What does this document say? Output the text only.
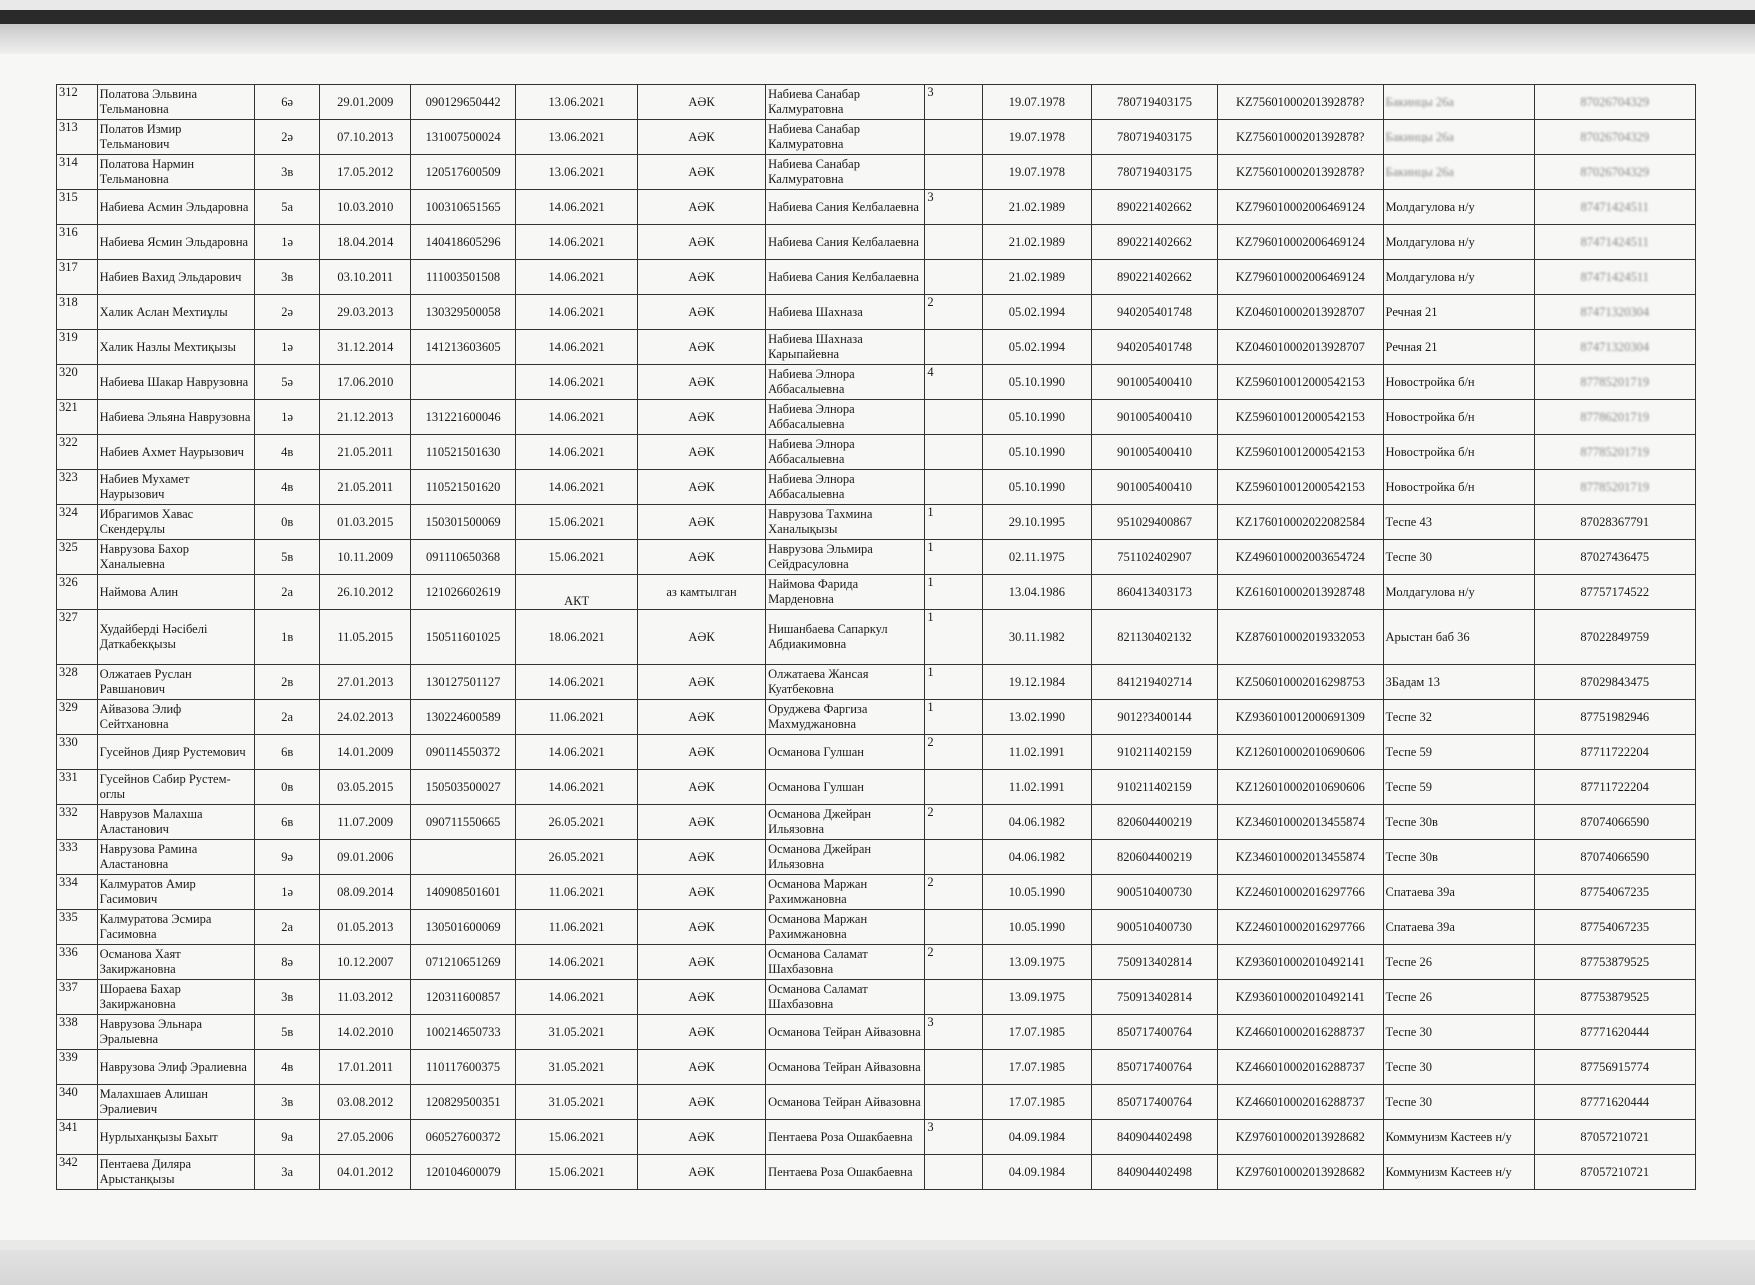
312	Полатова Эльвина Тельмановна	6ә	29.01.2009	090129650442	13.06.2021	АӘК	Набиева Санабар Калмуратовна	3	19.07.1978	780719403175	KZ75601000201392878?	Бакинцы 26а	87026704329
313	Полатов Измир Тельманович	2ә	07.10.2013	131007500024	13.06.2021	АӘК	Набиева Санабар Калмуратовна		19.07.1978	780719403175	KZ75601000201392878?	Бакинцы 26а	87026704329
314	Полатова Нармин Тельмановна	3в	17.05.2012	120517600509	13.06.2021	АӘК	Набиева Санабар Калмуратовна		19.07.1978	780719403175	KZ75601000201392878?	Бакинцы 26а	87026704329
315	Набиева Асмин Эльдаровна	5а	10.03.2010	100310651565	14.06.2021	АӘК	Набиева Сания Келбалаевна	3	21.02.1989	890221402662	KZ796010002006469124	Молдагулова н/у	87471424511
316	Набиева Ясмин Эльдаровна	1ә	18.04.2014	140418605296	14.06.2021	АӘК	Набиева Сания Келбалаевна		21.02.1989	890221402662	KZ796010002006469124	Молдагулова н/у	87471424511
317	Набиев Вахид Эльдарович	3в	03.10.2011	111003501508	14.06.2021	АӘК	Набиева Сания Келбалаевна		21.02.1989	890221402662	KZ796010002006469124	Молдагулова н/у	87471424511
318	Халик Аслан Мехтиұлы	2ә	29.03.2013	130329500058	14.06.2021	АӘК	Набиева Шахназа	2	05.02.1994	940205401748	KZ046010002013928707	Речная 21	87471320304
319	Халик Назлы Мехтиқызы	1ә	31.12.2014	141213603605	14.06.2021	АӘК	Набиева Шахназа Карыпайевна		05.02.1994	940205401748	KZ046010002013928707	Речная 21	87471320304
320	Набиева Шакар Наврузовна	5ә	17.06.2010		14.06.2021	АӘК	Набиева Элнора Аббасалыевна	4	05.10.1990	901005400410	KZ596010012000542153	Новостройка б/н	87785201719
321	Набиева Эльяна Наврузовна	1ә	21.12.2013	131221600046	14.06.2021	АӘК	Набиева Элнора Аббасалыевна		05.10.1990	901005400410	KZ596010012000542153	Новостройка б/н	87786201719
322	Набиев Ахмет Наурызович	4в	21.05.2011	110521501630	14.06.2021	АӘК	Набиева Элнора Аббасалыевна		05.10.1990	901005400410	KZ596010012000542153	Новостройка б/н	87785201719
323	Набиев Мухамет Наурызович	4в	21.05.2011	110521501620	14.06.2021	АӘК	Набиева Элнора Аббасалыевна		05.10.1990	901005400410	KZ596010012000542153	Новостройка б/н	87785201719
324	Ибрагимов Хавас Скендерұлы	0в	01.03.2015	150301500069	15.06.2021	АӘК	Наврузова Тахмина Ханалықызы	1	29.10.1995	951029400867	KZ176010002022082584	Теспе 43	87028367791
325	Наврузова Бахор Ханалыевна	5в	10.11.2009	091110650368	15.06.2021	АӘК	Наврузова Эльмира Сейдрасуловна	1	02.11.1975	751102402907	KZ496010002003654724	Теспе 30	87027436475
326	Наймова Алин	2а	26.10.2012	121026602619	АКТ	аз камтылган	Наймова Фарида Марденовна	1	13.04.1986	860413403173	KZ616010002013928748	Молдагулова н/у	87757174522
327	Худайберді Нәсібелі Даткабекқызы	1в	11.05.2015	150511601025	18.06.2021	АӘК	Нишанбаева Сапаркул Абдиакимовна	1	30.11.1982	821130402132	KZ876010002019332053	Арыстан баб 36	87022849759
328	Олжатаев Руслан Равшанович	2в	27.01.2013	130127501127	14.06.2021	АӘК	Олжатаева Жансая Куатбековна	1	19.12.1984	841219402714	KZ506010002016298753	3Бадам 13	87029843475
329	Айвазова Элиф Сейтхановна	2а	24.02.2013	130224600589	11.06.2021	АӘК	Оруджева Фаргиза Махмуджановна	1	13.02.1990	9012?3400144	KZ936010012000691309	Теспе 32	87751982946
330	Гусейнов Дияр Рустемович	6в	14.01.2009	090114550372	14.06.2021	АӘК	Османова Гулшан	2	11.02.1991	910211402159	KZ126010002010690606	Теспе 59	87711722204
331	Гусейнов Сабир Рустем-оглы	0в	03.05.2015	150503500027	14.06.2021	АӘК	Османова Гулшан		11.02.1991	910211402159	KZ126010002010690606	Теспе 59	87711722204
332	Наврузов Малахша Аластанович	6в	11.07.2009	090711550665	26.05.2021	АӘК	Османова Джейран Ильязовна	2	04.06.1982	820604400219	KZ346010002013455874	Теспе 30в	87074066590
333	Наврузова Рамина Аластановна	9ә	09.01.2006		26.05.2021	АӘК	Османова Джейран Ильязовна		04.06.1982	820604400219	KZ346010002013455874	Теспе 30в	87074066590
334	Калмуратов Амир Гасимович	1ә	08.09.2014	140908501601	11.06.2021	АӘК	Османова Маржан Рахимжановна	2	10.05.1990	900510400730	KZ246010002016297766	Спатаева 39а	87754067235
335	Калмуратова Эсмира Гасимовна	2а	01.05.2013	130501600069	11.06.2021	АӘК	Османова Маржан Рахимжановна		10.05.1990	900510400730	KZ246010002016297766	Спатаева 39а	87754067235
336	Османова Хаят Закиржановна	8ә	10.12.2007	071210651269	14.06.2021	АӘК	Османова Саламат Шахбазовна	2	13.09.1975	750913402814	KZ936010002010492141	Теспе 26	87753879525
337	Шораева Бахар Закиржановна	3в	11.03.2012	120311600857	14.06.2021	АӘК	Османова Саламат Шахбазовна		13.09.1975	750913402814	KZ936010002010492141	Теспе 26	87753879525
338	Наврузова Эльнара Эралыевна	5в	14.02.2010	100214650733	31.05.2021	АӘК	Османова Тейран Айвазовна	3	17.07.1985	850717400764	KZ466010002016288737	Теспе 30	87771620444
339	Наврузова Элиф Эралиевна	4в	17.01.2011	110117600375	31.05.2021	АӘК	Османова Тейран Айвазовна		17.07.1985	850717400764	KZ466010002016288737	Теспе 30	87756915774
340	Малахшаев Алишан Эралиевич	3в	03.08.2012	120829500351	31.05.2021	АӘК	Османова Тейран Айвазовна		17.07.1985	850717400764	KZ466010002016288737	Теспе 30	87771620444
341	Нурлыханқызы Бахыт	9а	27.05.2006	060527600372	15.06.2021	АӘК	Пентаева Роза Ошакбаевна	3	04.09.1984	840904402498	KZ976010002013928682	Коммунизм Кастеев н/у	87057210721
342	Пентаева Диляра Арыстанқызы	3а	04.01.2012	120104600079	15.06.2021	АӘК	Пентаева Роза Ошакбаевна		04.09.1984	840904402498	KZ976010002013928682	Коммунизм Кастеев н/у	87057210721
